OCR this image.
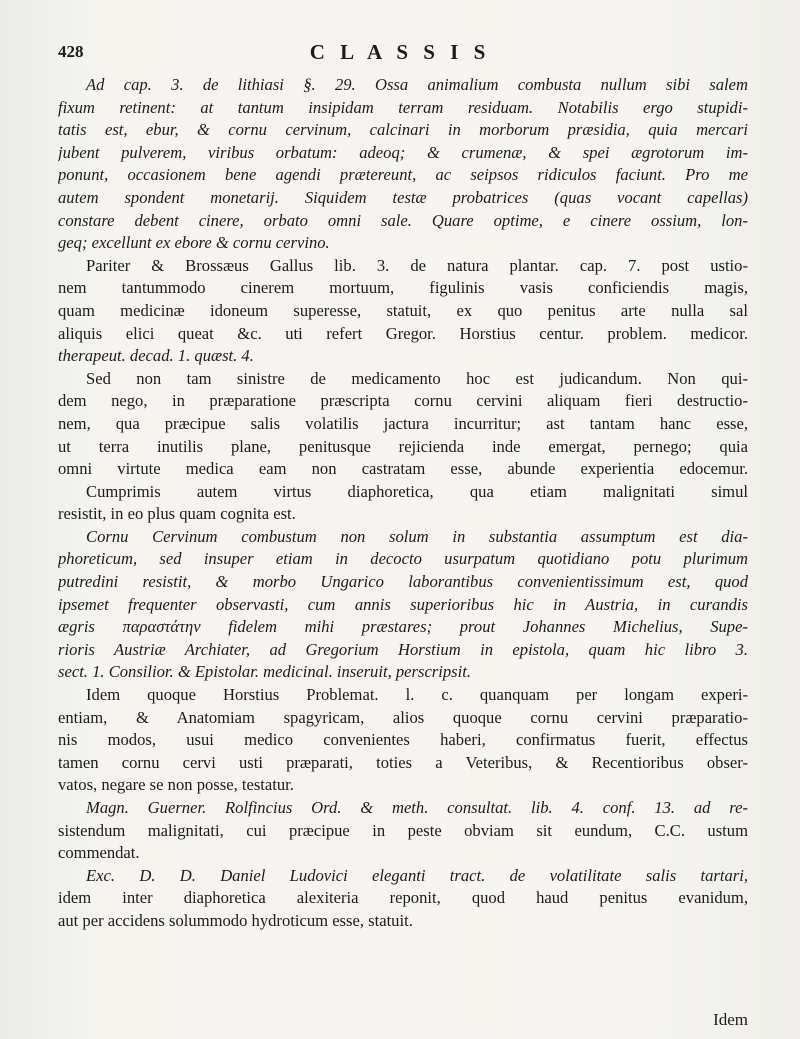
428	C L A S S I S
Ad cap. 3. de lithiasi §. 29. Ossa animalium combusta nullum sibi salem
fixum retinent: at tantum insipidam terram residuam. Notabilis ergo stupidi-
tatis est, ebur, & cornu cervinum, calcinari in morborum præsidia, quia mercari
jubent pulverem, viribus orbatum: adeoq; & crumenæ, & spei ægrotorum im-
ponunt, occasionem bene agendi prætereunt, ac seipsos ridiculos faciunt. Pro me
autem spondent monetarij. Siquidem testæ probatrices (quas vocant capellas)
constare debent cinere, orbato omni sale. Quare optime, e cinere ossium, lon-
geq; excellunt ex ebore & cornu cervino.
Pariter & Brossæus Gallus lib. 3. de natura plantar. cap. 7. post ustio-
nem tantummodo cinerem mortuum, figulinis vasis conficiendis magis,
quam medicinæ idoneum superesse, statuit, ex quo penitus arte nulla sal
aliquis elici queat &c. uti refert Gregor. Horstius centur. problem. medicor.
therapeut. decad. 1. quæst. 4.
Sed non tam sinistre de medicamento hoc est judicandum. Non qui-
dem nego, in præparatione præscripta cornu cervini aliquam fieri destructio-
nem, qua præcipue salis volatilis jactura incurritur; ast tantam hanc esse,
ut terra inutilis plane, penitusque rejicienda inde emergat, pernego; quia
omni virtute medica eam non castratam esse, abunde experientia edocemur.
Cumprimis autem virtus diaphoretica, qua etiam malignitati simul
resistit, in eo plus quam cognita est.
Cornu Cervinum combustum non solum in substantia assumptum est dia-
phoreticum, sed insuper etiam in decocto usurpatum quotidiano potu plurimum
putredini resistit, & morbo Ungarico laborantibus convenientissimum est, quod
ipsemet frequenter observasti, cum annis superioribus hic in Austria, in curandis
ægris παραστάτην fidelem mihi præstares; prout Johannes Michelius, Supe-
rioris Austriæ Archiater, ad Gregorium Horstium in epistola, quam hic libro 3.
sect. 1. Consilior. & Epistolar. medicinal. inseruit, perscripsit.
Idem quoque Horstius Problemat. l. c. quanquam per longam experi-
entiam, & Anatomiam spagyricam, alios quoque cornu cervini præparatio-
nis modos, usui medico convenientes haberi, confirmatus fuerit, effectus
tamen cornu cervi usti præparati, toties a Veteribus, & Recentioribus obser-
vatos, negare se non posse, testatur.
Magn. Guerner. Rolfincius Ord. & meth. consultat. lib. 4. conf. 13. ad re-
sistendum malignitati, cui præcipue in peste obviam sit eundum, C.C. ustum
commendat.
Exc. D. D. Daniel Ludovici eleganti tract. de volatilitate salis tartari,
idem inter diaphoretica alexiteria reponit, quod haud penitus evanidum,
aut per accidens solummodo hydroticum esse, statuit.
Idem
